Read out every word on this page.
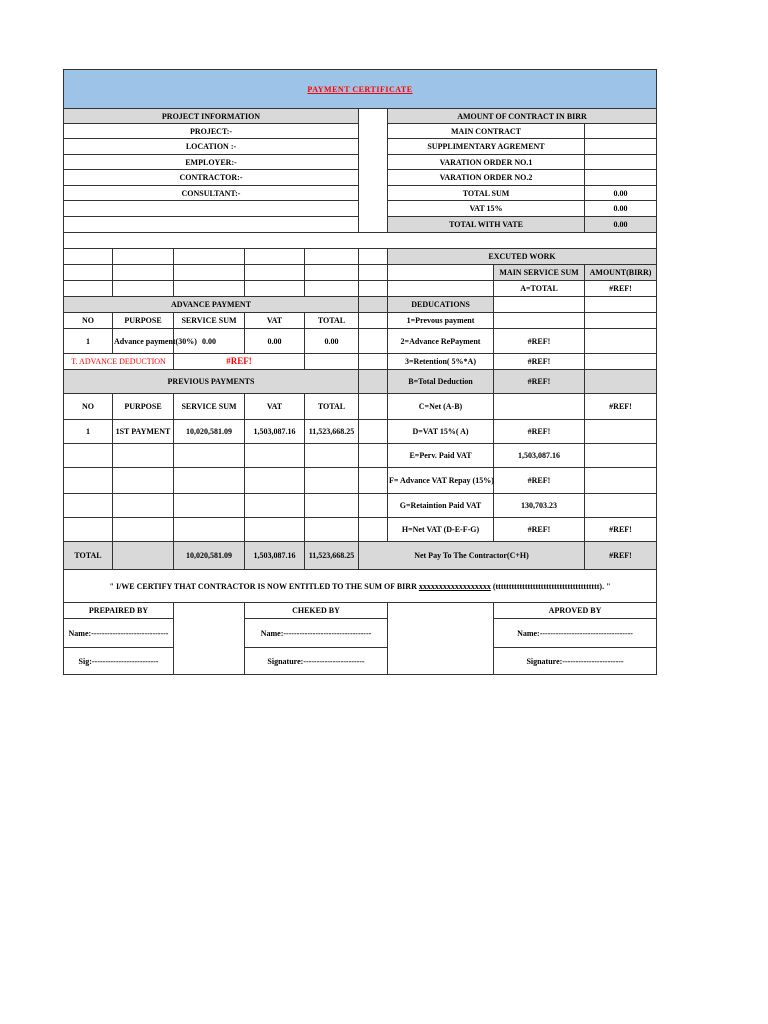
PAYMENT CERTIFICATE								
PROJECT INFORMATION						AMOUNT OF CONTRACT IN BIRR		
PROJECT:-						MAIN CONTRACT		
LOCATION :-						SUPPLIMENTARY AGREMENT		
EMPLOYER:-						VARATION ORDER NO.1		
CONTRACTOR:-						VARATION ORDER NO.2		
CONSULTANT:-						TOTAL SUM		0.00
						VAT 15%		0.00
						TOTAL WITH VATE		0.00

						EXCUTED WORK		
							MAIN SERVICE SUM	AMOUNT(BIRR)
							A=TOTAL	#REF!
ADVANCE PAYMENT						DEDUCATIONS		
NO	PURPOSE	SERVICE SUM	VAT	TOTAL		1=Prevous payment		
1	Advance payment(30%)	0.00	0.00	0.00		2=Advance RePayment	#REF!	
T. ADVANCE DEDUCTION		#REF!				3=Retention( 5%*A)	#REF!	
PREVIOUS PAYMENTS						B=Total Deduction	#REF!	
NO	PURPOSE	SERVICE SUM	VAT	TOTAL		C=Net (A-B)		#REF!
1	1ST PAYMENT	10,020,581.09	1,503,087.16	11,523,668.25		D=VAT 15%( A)	#REF!	
						E=Perv. Paid VAT	1,503,087.16	
						F= Advance VAT Repay (15%)	#REF!	
						G=Retaintion Paid VAT	130,703.23	
						H=Net VAT (D-E-F-G)	#REF!	#REF!
TOTAL		10,020,581.09	1,503,087.16	11,523,668.25	Net Pay To The Contractor(C+H)			#REF!
" I/WE CERTIFY THAT CONTRACTOR IS NOW ENTITLED TO THE SUM OF BIRR xxxxxxxxxxxxxxxxxx (ttttttttttttttttttttttttttttttttttttttt). "								
PREPAIRED BY			CHEKED BY				APROVED BY	
Name:-----------------------------			Name:---------------------------------				Name:-----------------------------------	
Sig:-------------------------			Signature:-----------------------				Signature:-----------------------	
